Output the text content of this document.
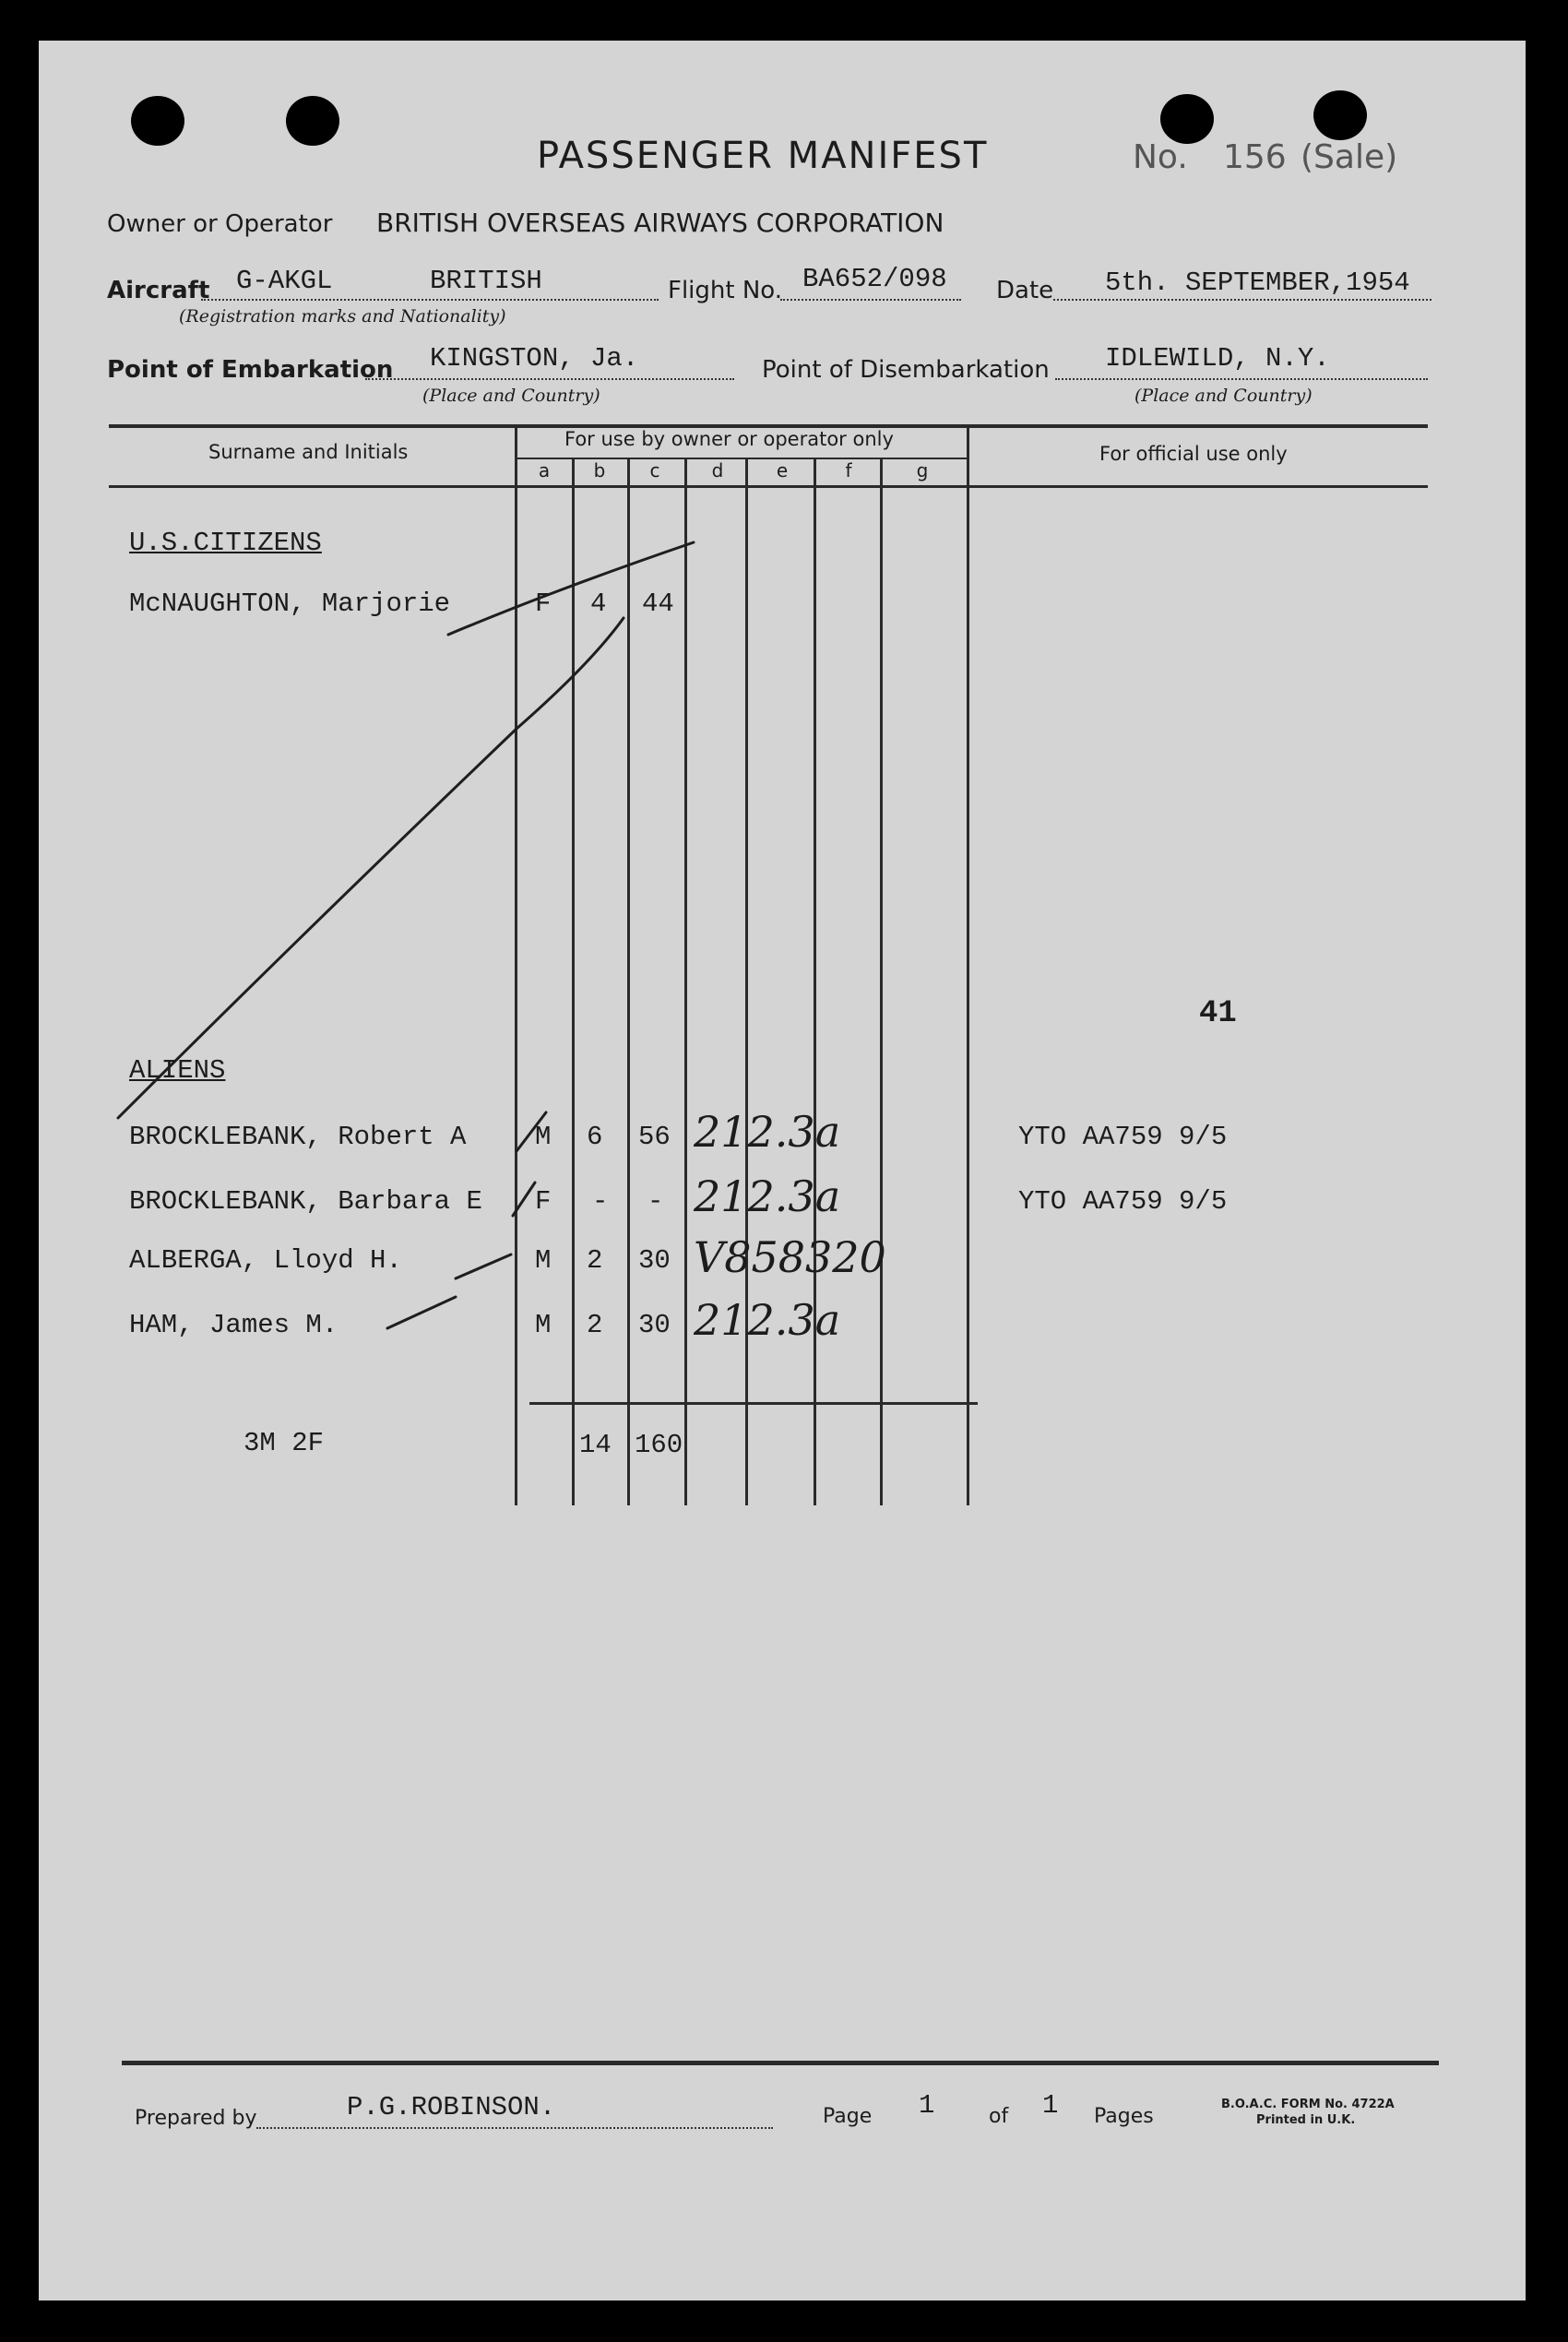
PASSENGER MANIFEST	No. 156 (Sale)
Owner or Operator BRITISH OVERSEAS AIRWAYS CORPORATION
Aircraft G-AKGL	BRITISH
(Registration marks and Nationality)
Flight No. BA652/098 Date 5th. SEPTEMBER,1954
Point of Embarkation KINGSTON, Ja.
(Place and Country)
Point of Disembarkation IDLEWILD, N.Y.
(Place and Country)
Surname and Initials
For use by owner or operator only
For official use only
a	b	c	d	e	f	g
U.S.CITIZENS
ALIENS
McNAUGHTON, Marjorie	F 4 44
BROCKLEBANK, Robert A	M 6 56 212.3a	YTO AA759 9/5
BROCKLEBANK, Barbara E F - - 212.3a	YTO AA759 9/5
ALBERGA, Lloyd H.	M 2 30 V858320
HAM, James M.	M 2 30 212.3a
3M 2F	14 160
41
Prepared by	P.G.ROBINSON.	Page 1	of 1 Pages
B.O.A.C. FORM No. 4722A
Printed in U.K.
